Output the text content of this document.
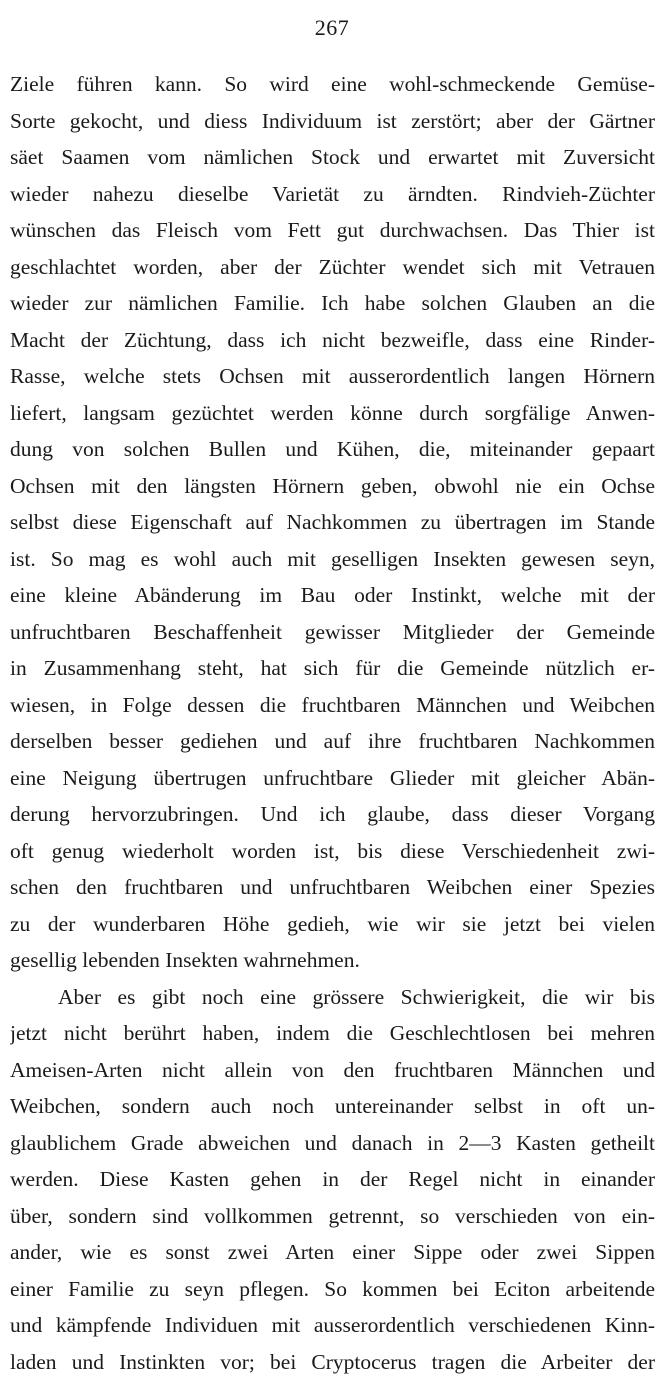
267
Ziele führen kann. So wird eine wohl-schmeckende Gemüse-
Sorte gekocht, und diess Individuum ist zerstört; aber der Gärtner
säet Saamen vom nämlichen Stock und erwartet mit Zuversicht
wieder nahezu dieselbe Varietät zu ärndten. Rindvieh-Züchter
wünschen das Fleisch vom Fett gut durchwachsen. Das Thier ist
geschlachtet worden, aber der Züchter wendet sich mit Vetrauen
wieder zur nämlichen Familie. Ich habe solchen Glauben an die
Macht der Züchtung, dass ich nicht bezweifle, dass eine Rinder-
Rasse, welche stets Ochsen mit ausserordentlich langen Hörnern
liefert, langsam gezüchtet werden könne durch sorgfälige Anwen-
dung von solchen Bullen und Kühen, die, miteinander gepaart
Ochsen mit den längsten Hörnern geben, obwohl nie ein Ochse
selbst diese Eigenschaft auf Nachkommen zu übertragen im Stande
ist. So mag es wohl auch mit geselligen Insekten gewesen seyn,
eine kleine Abänderung im Bau oder Instinkt, welche mit der
unfruchtbaren Beschaffenheit gewisser Mitglieder der Gemeinde
in Zusammenhang steht, hat sich für die Gemeinde nützlich er-
wiesen, in Folge dessen die fruchtbaren Männchen und Weibchen
derselben besser gediehen und auf ihre fruchtbaren Nachkommen
eine Neigung übertrugen unfruchtbare Glieder mit gleicher Abän-
derung hervorzubringen. Und ich glaube, dass dieser Vorgang
oft genug wiederholt worden ist, bis diese Verschiedenheit zwi-
schen den fruchtbaren und unfruchtbaren Weibchen einer Spezies
zu der wunderbaren Höhe gedieh, wie wir sie jetzt bei vielen
gesellig lebenden Insekten wahrnehmen.
Aber es gibt noch eine grössere Schwierigkeit, die wir bis
jetzt nicht berührt haben, indem die Geschlechtlosen bei mehren
Ameisen-Arten nicht allein von den fruchtbaren Männchen und
Weibchen, sondern auch noch untereinander selbst in oft un-
glaublichem Grade abweichen und danach in 2—3 Kasten getheilt
werden. Diese Kasten gehen in der Regel nicht in einander
über, sondern sind vollkommen getrennt, so verschieden von ein-
ander, wie es sonst zwei Arten einer Sippe oder zwei Sippen
einer Familie zu seyn pflegen. So kommen bei Eciton arbeitende
und kämpfende Individuen mit ausserordentlich verschiedenen Kinn-
laden und Instinkten vor; bei Cryptocerus tragen die Arbeiter der
